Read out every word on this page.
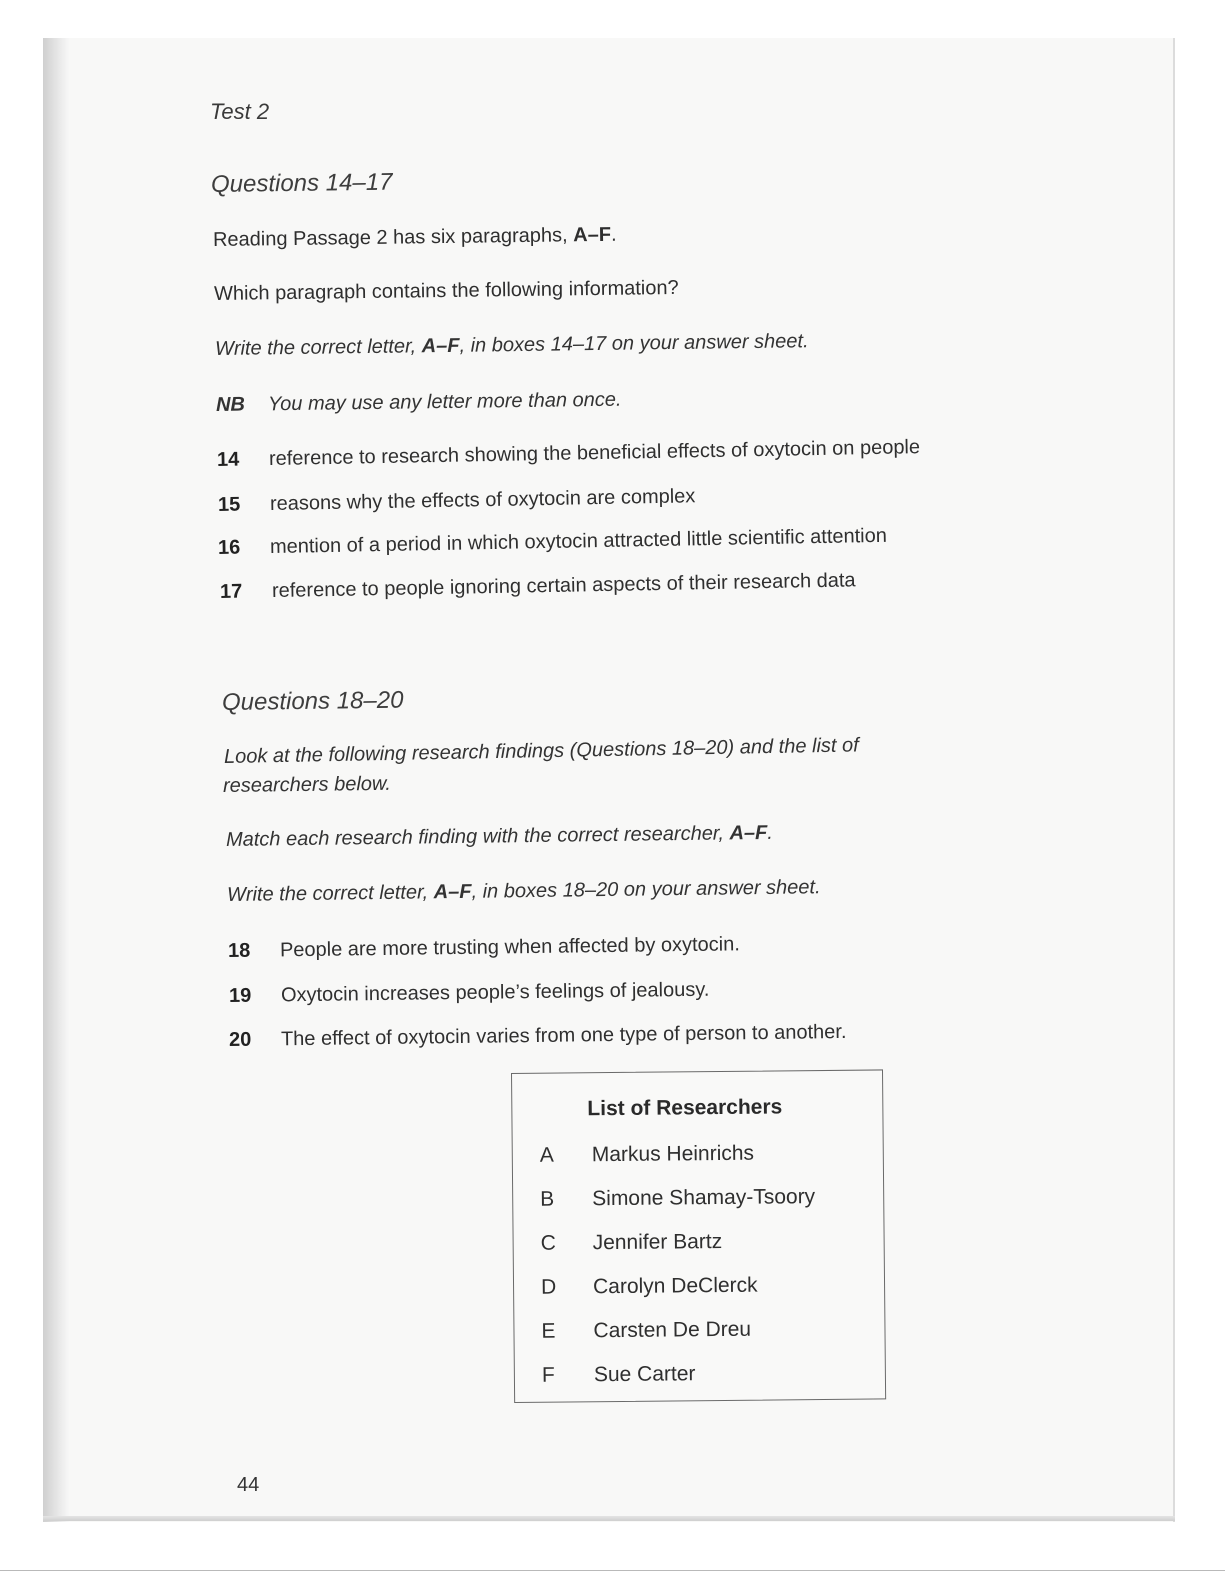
Test 2
Questions 14–17
Reading Passage 2 has six paragraphs, A–F.
Which paragraph contains the following information?
Write the correct letter, A–F, in boxes 14–17 on your answer sheet.
NB You may use any letter more than once.
14 reference to research showing the beneficial effects of oxytocin on people
15 reasons why the effects of oxytocin are complex
16 mention of a period in which oxytocin attracted little scientific attention
17 reference to people ignoring certain aspects of their research data
Questions 18–20
Look at the following research findings (Questions 18–20) and the list of
researchers below.
Match each research finding with the correct researcher, A–F.
Write the correct letter, A–F, in boxes 18–20 on your answer sheet.
18 People are more trusting when affected by oxytocin.
19 Oxytocin increases people’s feelings of jealousy.
20 The effect of oxytocin varies from one type of person to another.
List of Researchers
A Markus Heinrichs
B Simone Shamay-Tsoory
C Jennifer Bartz
D Carolyn DeClerck
E Carsten De Dreu
F Sue Carter
44
